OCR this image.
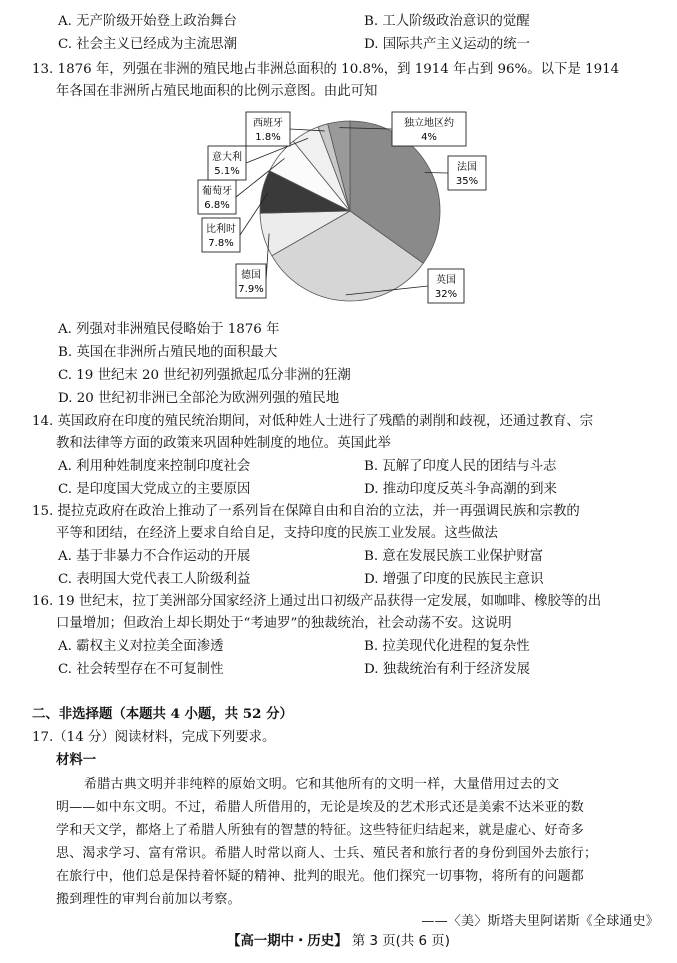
A. 无产阶级开始登上政治舞台	B. 工人阶级政治意识的觉醒
C. 社会主义已经成为主流思潮	D. 国际共产主义运动的统一
13. 1876 年，列强在非洲的殖民地占非洲总面积的 10.8%，到 1914 年占到 96%。以下是 1914
年各国在非洲所占殖民地面积的比例示意图。由此可知
法国
35%
英国
32%
德国
7.9%
比利时
7.8%
葡萄牙
6.8%
意大利
5.1%
西班牙
1.8%
独立地区约
4%
A. 列强对非洲殖民侵略始于 1876 年
B. 英国在非洲所占殖民地的面积最大
C. 19 世纪末 20 世纪初列强掀起瓜分非洲的狂潮
D. 20 世纪初非洲已全部沦为欧洲列强的殖民地
14. 英国政府在印度的殖民统治期间，对低种姓人士进行了残酷的剥削和歧视，还通过教育、宗
教和法律等方面的政策来巩固种姓制度的地位。英国此举
A. 利用种姓制度来控制印度社会	B. 瓦解了印度人民的团结与斗志
C. 是印度国大党成立的主要原因	D. 推动印度反英斗争高潮的到来
15. 提拉克政府在政治上推动了一系列旨在保障自由和自治的立法，并一再强调民族和宗教的
平等和团结，在经济上要求自给自足，支持印度的民族工业发展。这些做法
A. 基于非暴力不合作运动的开展	B. 意在发展民族工业保护财富
C. 表明国大党代表工人阶级利益	D. 增强了印度的民族民主意识
16. 19 世纪末，拉丁美洲部分国家经济上通过出口初级产品获得一定发展，如咖啡、橡胶等的出
口量增加；但政治上却长期处于“考迪罗”的独裁统治，社会动荡不安。这说明
A. 霸权主义对拉美全面渗透	B. 拉美现代化进程的复杂性
C. 社会转型存在不可复制性	D. 独裁统治有利于经济发展
二、非选择题（本题共 4 小题，共 52 分）
17.（14 分）阅读材料，完成下列要求。
材料一
希腊古典文明并非纯粹的原始文明。它和其他所有的文明一样，大量借用过去的文
明——如中东文明。不过，希腊人所借用的，无论是埃及的艺术形式还是美索不达米亚的数
学和天文学，都烙上了希腊人所独有的智慧的特征。这些特征归结起来，就是虚心、好奇多
思、渴求学习、富有常识。希腊人时常以商人、士兵、殖民者和旅行者的身份到国外去旅行；
在旅行中，他们总是保持着怀疑的精神、批判的眼光。他们探究一切事物，将所有的问题都
搬到理性的审判台前加以考察。
——〈美〉斯塔夫里阿诺斯《全球通史》
【高一期中・历史】 第 3 页(共 6 页)
